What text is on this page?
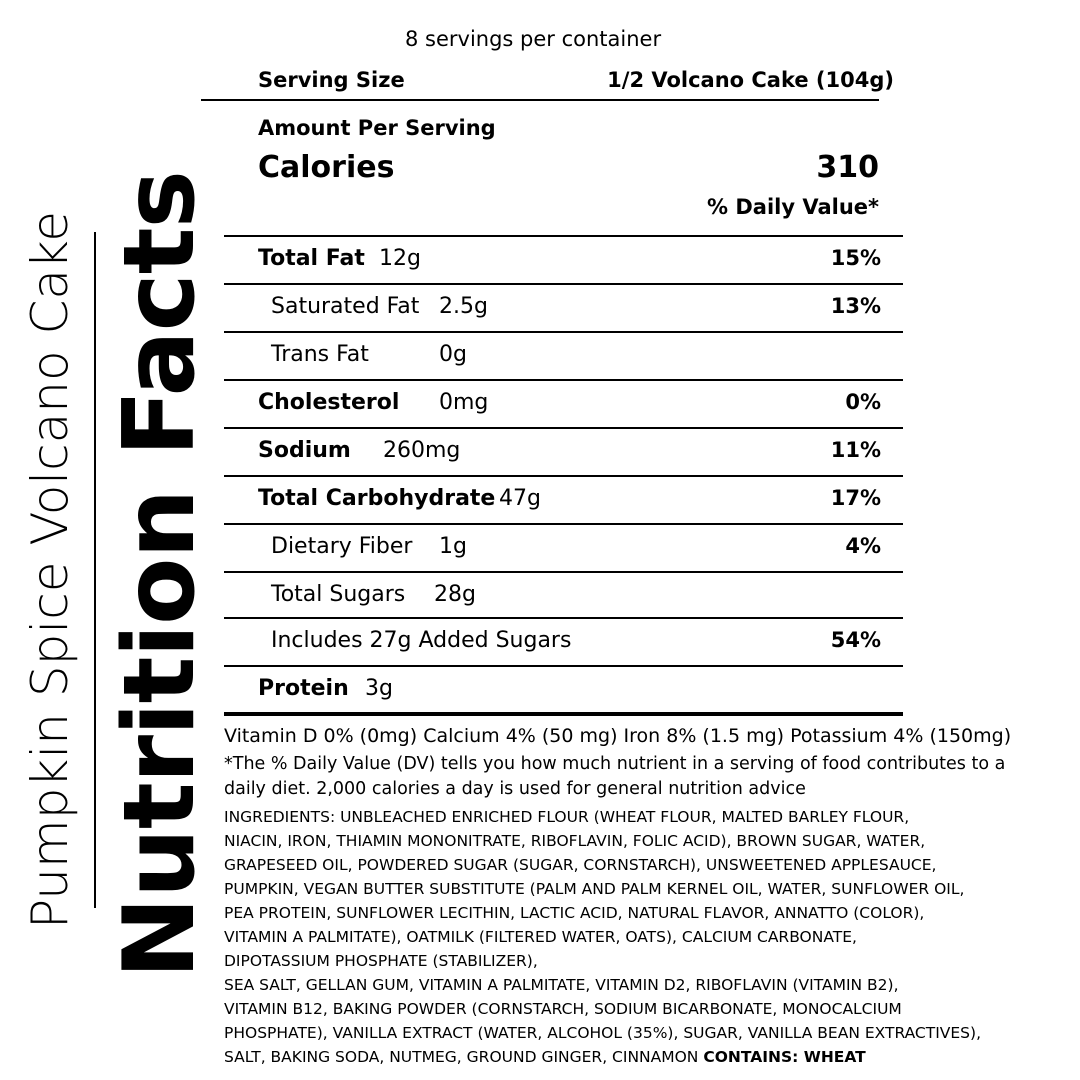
Pumpkin Spice Volcano Cake Nutrition Facts
8 servings per container
Serving Size	1/2 Volcano Cake (104g)
Amount Per Serving
Calories	310
% Daily Value*
Total Fat 12g	15%
Saturated Fat 2.5g	13%
Trans Fat	0g
Cholesterol 0mg	0%
Sodium 260mg	11%
Total Carbohydrate 47g	17%
Dietary Fiber 1g	4%
Total Sugars 28g
Includes 27g Added Sugars	54%
Protein 3g
Vitamin D 0% (0mg) Calcium 4% (50 mg) Iron 8% (1.5 mg) Potassium 4% (150mg)
*The % Daily Value (DV) tells you how much nutrient in a serving of food contributes to a daily diet. 2,000 calories a day is used for general nutrition advice

INGREDIENTS: UNBLEACHED ENRICHED FLOUR (WHEAT FLOUR, MALTED BARLEY FLOUR,

NIACIN, IRON, THIAMIN MONONITRATE, RIBOFLAVIN, FOLIC ACID), BROWN SUGAR, WATER,

GRAPESEED OIL, POWDERED SUGAR (SUGAR, CORNSTARCH), UNSWEETENED APPLESAUCE,

PUMPKIN, VEGAN BUTTER SUBSTITUTE (PALM AND PALM KERNEL OIL, WATER, SUNFLOWER OIL,

PEA PROTEIN, SUNFLOWER LECITHIN, LACTIC ACID, NATURAL FLAVOR, ANNATTO (COLOR),

VITAMIN A PALMITATE), OATMILK (FILTERED WATER, OATS), CALCIUM CARBONATE,

DIPOTASSIUM PHOSPHATE (STABILIZER),

SEA SALT, GELLAN GUM, VITAMIN A PALMITATE, VITAMIN D2, RIBOFLAVIN (VITAMIN B2),

VITAMIN B12, BAKING POWDER (CORNSTARCH, SODIUM BICARBONATE, MONOCALCIUM

PHOSPHATE), VANILLA EXTRACT (WATER, ALCOHOL (35%), SUGAR, VANILLA BEAN EXTRACTIVES),

SALT, BAKING SODA, NUTMEG, GROUND GINGER, CINNAMON CONTAINS: WHEAT
